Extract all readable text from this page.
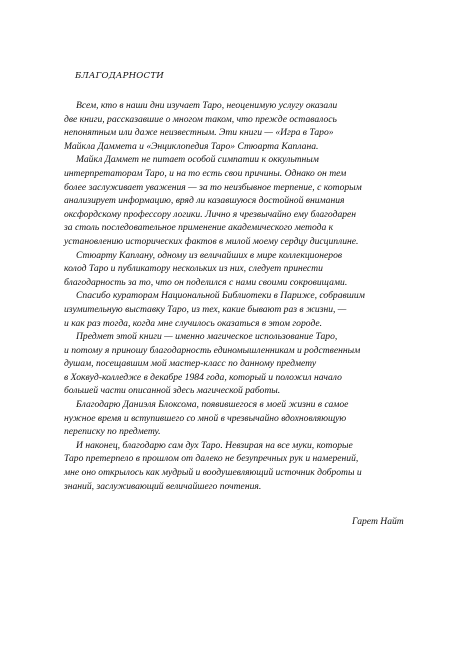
БЛАГОДАРНОСТИ

Всем, кто в наши дни изучает Таро, неоценимую услугу оказали
две книги, рассказавшие о многом таком, что прежде оставалось
непонятным или даже неизвестным. Эти книги — «Игра в Таро»
Майкла Даммета и «Энциклопедия Таро» Стюарта Каплана.

Майкл Даммет не питает особой симпатии к оккультным
интерпретаторам Таро, и на то есть свои причины. Однако он тем
более заслуживает уважения — за то неизбывное терпение, с которым
анализирует информацию, вряд ли казавшуюся достойной внимания
оксфордскому профессору логики. Лично я чрезвычайно ему благодарен
за столь последовательное применение академического метода к
установлению исторических фактов в милой моему сердцу дисциплине.

Стюарту Каплану, одному из величайших в мире коллекционеров
колод Таро и публикатору нескольких из них, следует принести
благодарность за то, что он поделился с нами своими сокровищами.

Спасибо кураторам Национальной Библиотеки в Париже, собравшим
изумительную выставку Таро, из тех, какие бывают раз в жизни, —
и как раз тогда, когда мне случилось оказаться в этом городе.

Предмет этой книги — именно магическое использование Таро,
и потому я приношу благодарность единомышленникам и родственным
душам, посещавшим мой мастер-класс по данному предмету
в Хоквуд-колледже в декабре 1984 года, который и положил начало
большей части описанной здесь магической работы.

Благодарю Даниэля Блоксома, появившегося в моей жизни в самое
нужное время и вступившего со мной в чрезвычайно вдохновляющую
переписку по предмету.

И наконец, благодарю сам дух Таро. Невзирая на все муки, которые
Таро претерпело в прошлом от далеко не безупречных рук и намерений,
мне оно открылось как мудрый и воодушевляющий источник доброты и
знаний, заслуживающий величайшего почтения.

Гарет Найт
